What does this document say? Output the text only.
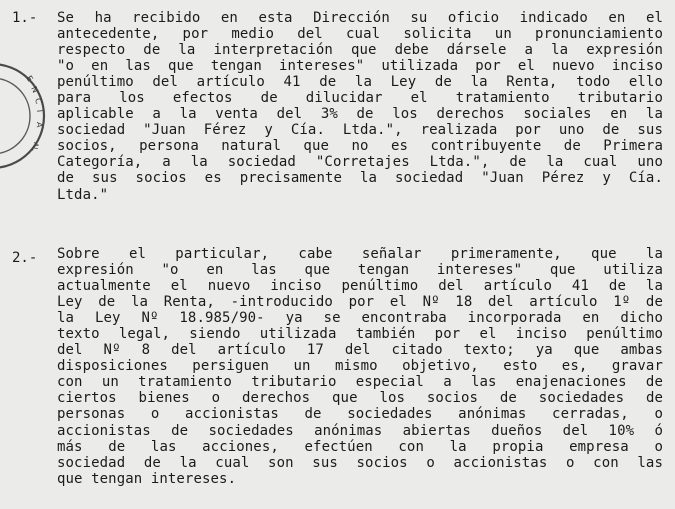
E
N
C
I
A
AL

1.- Se ha recibido en esta Dirección su oficio indicado en el
antecedente, por medio del cual solicita un pronunciamiento
respecto de la interpretación que debe dársele a la expresión
"o en las que tengan intereses" utilizada por el nuevo inciso
penúltimo del artículo 41 de la Ley de la Renta, todo ello
para los efectos de dilucidar el tratamiento tributario
aplicable a la venta del 3% de los derechos sociales en la
sociedad "Juan Férez y Cía. Ltda.", realizada por uno de sus
socios, persona natural que no es contribuyente de Primera
Categoría, a la sociedad "Corretajes Ltda.", de la cual uno
de sus socios es precisamente la sociedad "Juan Pérez y Cía.
Ltda."

2.- Sobre el particular, cabe señalar primeramente, que la
expresión "o en las que tengan intereses" que utiliza
actualmente el nuevo inciso penúltimo del artículo 41 de la
Ley de la Renta, -introducido por el Nº 18 del artículo 1º de
la Ley Nº 18.985/90- ya se encontraba incorporada en dicho
texto legal, siendo utilizada también por el inciso penúltimo
del Nº 8 del artículo 17 del citado texto; ya que ambas
disposiciones persiguen un mismo objetivo, esto es, gravar
con un tratamiento tributario especial a las enajenaciones de
ciertos bienes o derechos que los socios de sociedades de
personas o accionistas de sociedades anónimas cerradas, o
accionistas de sociedades anónimas abiertas dueños del 10% ó
más de las acciones, efectúen con la propia empresa o
sociedad de la cual son sus socios o accionistas o con las
que tengan intereses.
